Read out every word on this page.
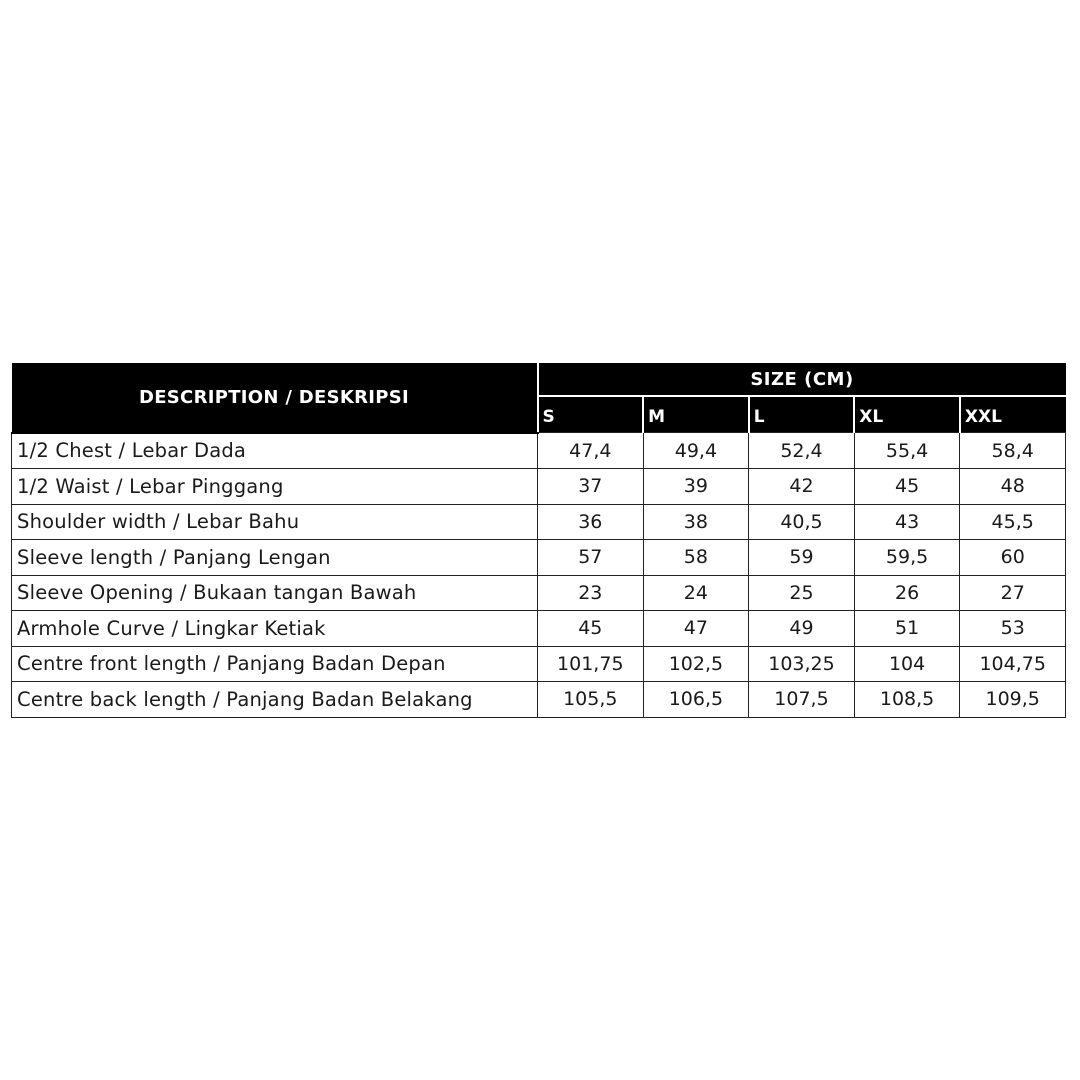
DESCRIPTION / DESKRIPSI	SIZE (CM)				
	S	M	L	XL	XXL
1/2 Chest / Lebar Dada	47,4	49,4	52,4	55,4	58,4
1/2 Waist / Lebar Pinggang	37	39	42	45	48
Shoulder width / Lebar Bahu	36	38	40,5	43	45,5
Sleeve length / Panjang Lengan	57	58	59	59,5	60
Sleeve Opening / Bukaan tangan Bawah	23	24	25	26	27
Armhole Curve / Lingkar Ketiak	45	47	49	51	53
Centre front length / Panjang Badan Depan	101,75	102,5	103,25	104	104,75
Centre back length / Panjang Badan Belakang	105,5	106,5	107,5	108,5	109,5
